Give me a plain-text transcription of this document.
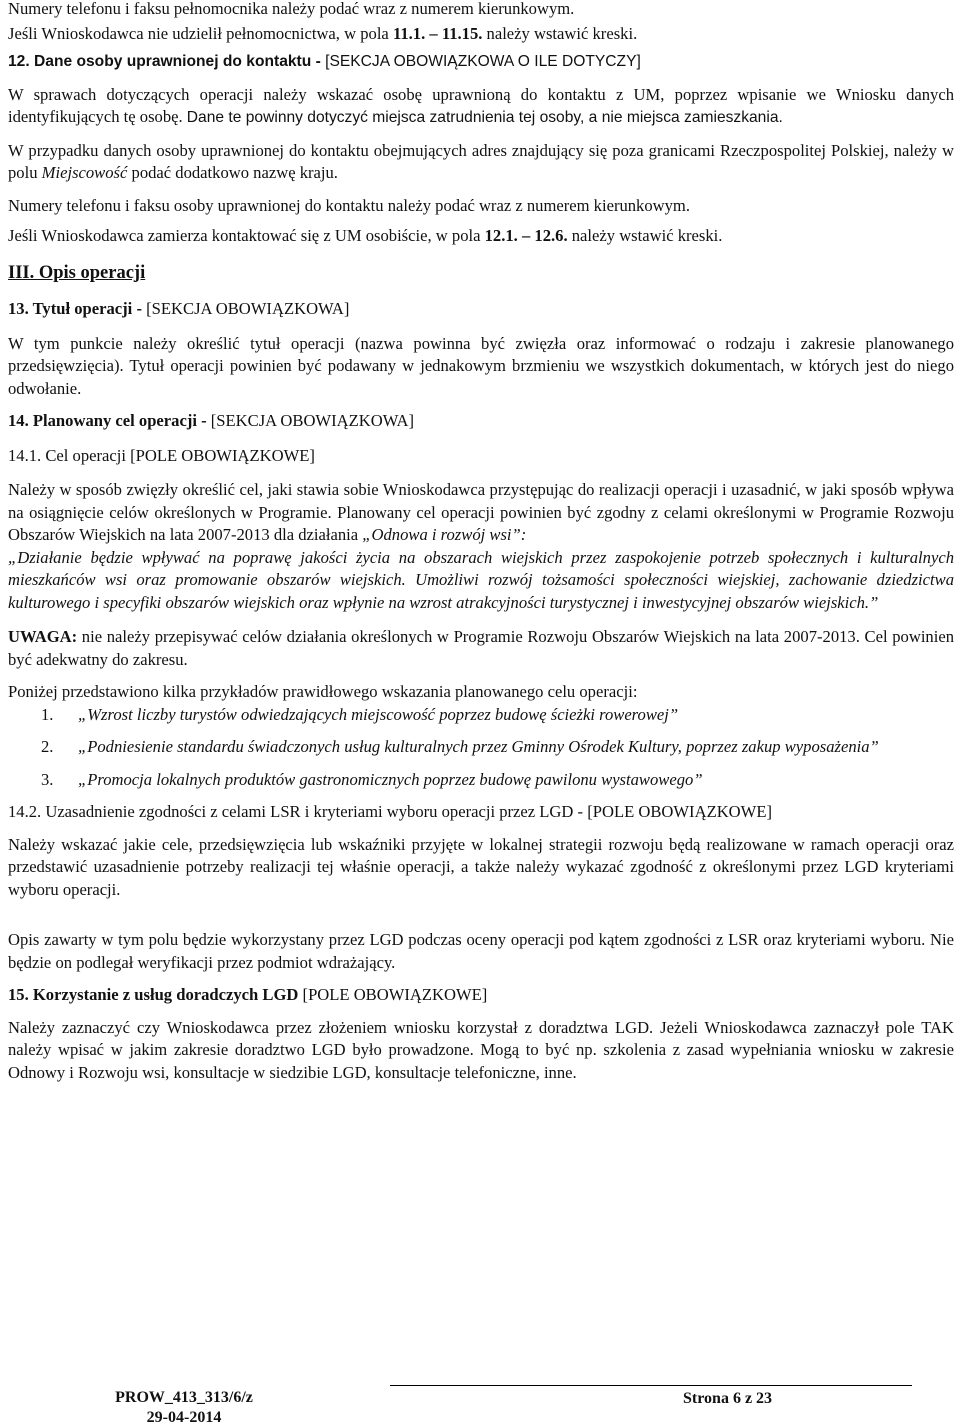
Numery telefonu i faksu pełnomocnika należy podać wraz z numerem kierunkowym.

Jeśli Wnioskodawca nie udzielił pełnomocnictwa, w pola 11.1. – 11.15. należy wstawić kreski.

12. Dane osoby uprawnionej do kontaktu - [SEKCJA OBOWIĄZKOWA O ILE DOTYCZY]

W sprawach dotyczących operacji należy wskazać osobę uprawnioną do kontaktu z UM, poprzez wpisanie we Wniosku danych identyfikujących tę osobę. Dane te powinny dotyczyć miejsca zatrudnienia tej osoby, a nie miejsca zamieszkania.

W przypadku danych osoby uprawnionej do kontaktu obejmujących adres znajdujący się poza granicami Rzeczpospolitej Polskiej, należy w polu Miejscowość podać dodatkowo nazwę kraju.

Numery telefonu i faksu osoby uprawnionej do kontaktu należy podać wraz z numerem kierunkowym.

Jeśli Wnioskodawca zamierza kontaktować się z UM osobiście, w pola 12.1. – 12.6. należy wstawić kreski.

III. Opis operacji

13. Tytuł operacji - [SEKCJA OBOWIĄZKOWA]

W tym punkcie należy określić tytuł operacji (nazwa powinna być zwięzła oraz informować o rodzaju i zakresie planowanego przedsięwzięcia). Tytuł operacji powinien być podawany w jednakowym brzmieniu we wszystkich dokumentach, w których jest do niego odwołanie.

14. Planowany cel operacji - [SEKCJA OBOWIĄZKOWA]

14.1. Cel operacji [POLE OBOWIĄZKOWE]

Należy w sposób zwięzły określić cel, jaki stawia sobie Wnioskodawca przystępując do realizacji operacji i uzasadnić, w jaki sposób wpływa na osiągnięcie celów określonych w Programie. Planowany cel operacji powinien być zgodny z celami określonymi w Programie Rozwoju Obszarów Wiejskich na lata 2007-2013 dla działania „Odnowa i rozwój wsi”:

„Działanie będzie wpływać na poprawę jakości życia na obszarach wiejskich przez zaspokojenie potrzeb społecznych i kulturalnych mieszkańców wsi oraz promowanie obszarów wiejskich. Umożliwi rozwój tożsamości społeczności wiejskiej, zachowanie dziedzictwa kulturowego i specyfiki obszarów wiejskich oraz wpłynie na wzrost atrakcyjności turystycznej i inwestycyjnej obszarów wiejskich.”

UWAGA: nie należy przepisywać celów działania określonych w Programie Rozwoju Obszarów Wiejskich na lata 2007-2013. Cel powinien być adekwatny do zakresu.

Poniżej przedstawiono kilka przykładów prawidłowego wskazania planowanego celu operacji:

1. „Wzrost liczby turystów odwiedzających miejscowość poprzez budowę ścieżki rowerowej”
2. „Podniesienie standardu świadczonych usług kulturalnych przez Gminny Ośrodek Kultury, poprzez zakup wyposażenia”
3. „Promocja lokalnych produktów gastronomicznych poprzez budowę pawilonu wystawowego”

14.2. Uzasadnienie zgodności z celami LSR i kryteriami wyboru operacji przez LGD - [POLE OBOWIĄZKOWE]

Należy wskazać jakie cele, przedsięwzięcia lub wskaźniki przyjęte w lokalnej strategii rozwoju będą realizowane w ramach operacji oraz przedstawić uzasadnienie potrzeby realizacji tej właśnie operacji, a także należy wykazać zgodność z określonymi przez LGD kryteriami wyboru operacji.

Opis zawarty w tym polu będzie wykorzystany przez LGD podczas oceny operacji pod kątem zgodności z LSR oraz kryteriami wyboru. Nie będzie on podlegał weryfikacji przez podmiot wdrażający.

15. Korzystanie z usług doradczych LGD [POLE OBOWIĄZKOWE]

Należy zaznaczyć czy Wnioskodawca przez złożeniem wniosku korzystał z doradztwa LGD. Jeżeli Wnioskodawca zaznaczył pole TAK należy wpisać w jakim zakresie doradztwo LGD było prowadzone. Mogą to być np. szkolenia z zasad wypełniania wniosku w zakresie Odnowy i Rozwoju wsi, konsultacje w siedzibie LGD, konsultacje telefoniczne, inne.

PROW_413_313/6/z
29-04-2014
Strona 6 z 23
